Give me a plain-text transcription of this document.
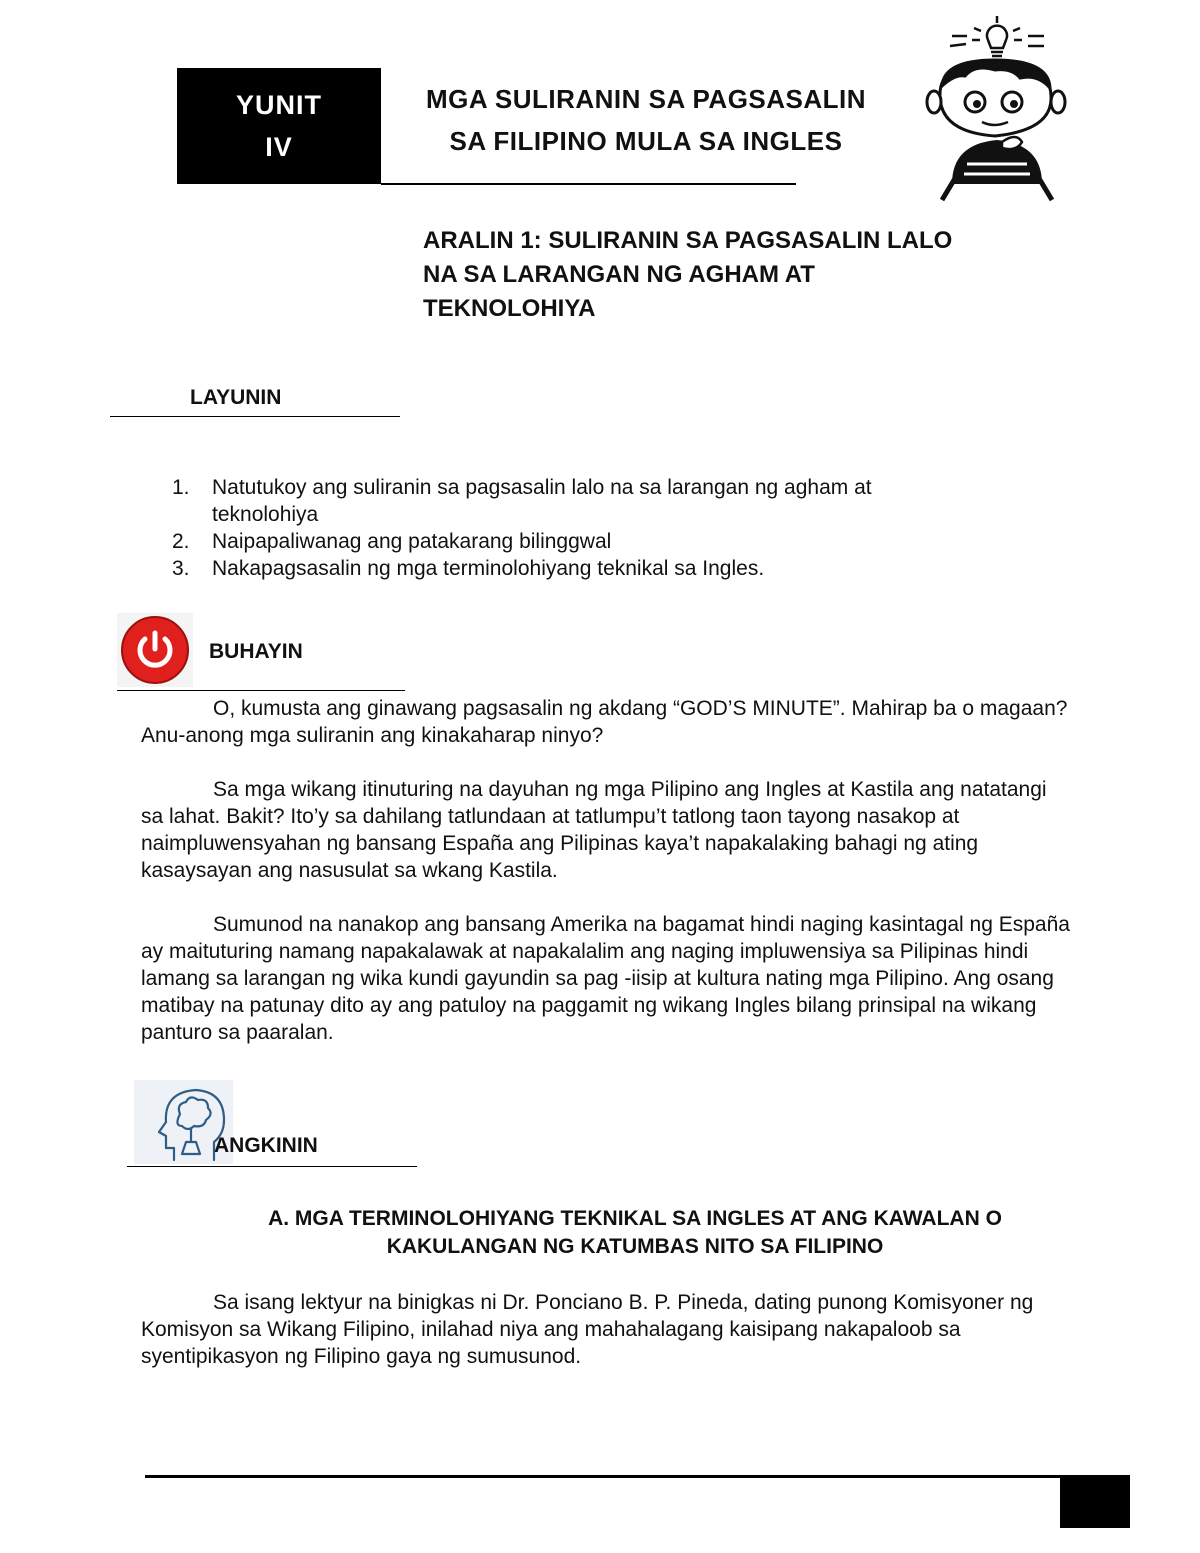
YUNIT
IV
MGA SULIRANIN SA PAGSASALIN
SA FILIPINO MULA SA INGLES
ARALIN 1: SULIRANIN SA PAGSASALIN LALO
NA SA LARANGAN NG AGHAM AT
TEKNOLOHIYA
LAYUNIN
1.	Natutukoy ang suliranin sa pagsasalin lalo na sa larangan ng agham at teknolohiya
2.	Naipapaliwanag ang patakarang bilinggwal
3.	Nakapagsasalin ng mga terminolohiyang teknikal sa Ingles.
BUHAYIN

O, kumusta ang ginawang pagsasalin ng akdang “GOD’S MINUTE”. Mahirap ba o magaan? Anu-anong mga suliranin ang kinakaharap ninyo?

Sa mga wikang itinuturing na dayuhan ng mga Pilipino ang Ingles at Kastila ang natatangi sa lahat. Bakit? Ito’y sa dahilang tatlundaan at tatlumpu’t tatlong taon tayong nasakop at naimpluwensyahan ng bansang España ang Pilipinas kaya’t napakalaking bahagi ng ating kasaysayan ang nasusulat sa wkang Kastila.

Sumunod na nanakop ang bansang Amerika na bagamat hindi naging kasintagal ng España ay maituturing namang napakalawak at napakalalim ang naging impluwensiya sa Pilipinas hindi lamang sa larangan ng wika kundi gayundin sa pag -iisip at kultura nating mga Pilipino. Ang osang matibay na patunay dito ay ang patuloy na paggamit ng wikang Ingles bilang prinsipal na wikang panturo sa paaralan.

ANGKININ
A. MGA TERMINOLOHIYANG TEKNIKAL SA INGLES AT ANG KAWALAN O
KAKULANGAN NG KATUMBAS NITO SA FILIPINO

Sa isang lektyur na binigkas ni Dr. Ponciano B. P. Pineda, dating punong Komisyoner ng Komisyon sa Wikang Filipino, inilahad niya ang mahahalagang kaisipang nakapaloob sa syentipikasyon ng Filipino gaya ng sumusunod.
